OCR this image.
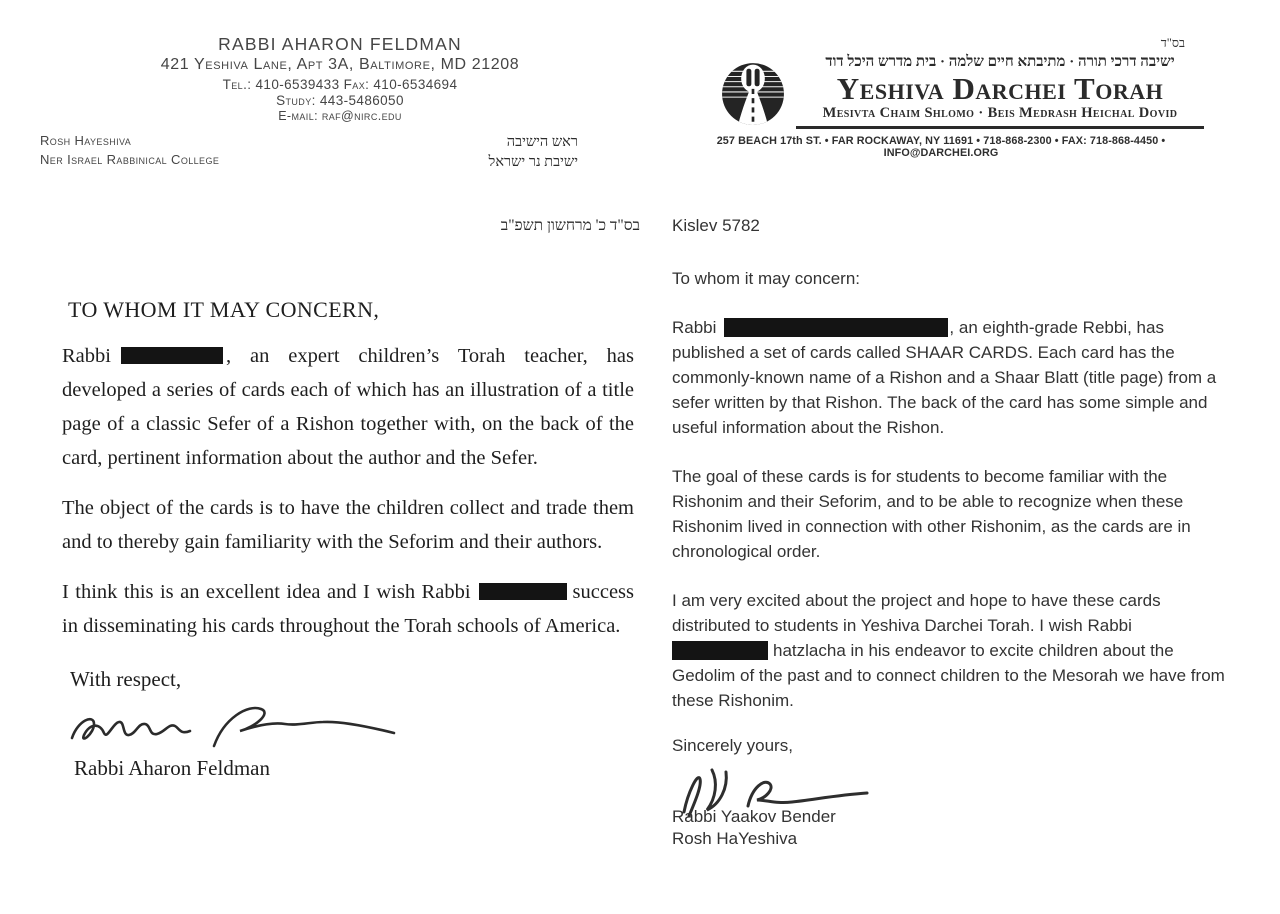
RABBI AHARON FELDMAN
421 Yeshiva Lane, Apt 3A, Baltimore, MD 21208
Tel.: 410-6539433 Fax: 410-6534694
Study: 443-5486050
E-mail: raf@nirc.edu
Rosh Hayeshiva
Ner Israel Rabbinical College
ראש הישיבה
ישיבת נר ישראל
בס"ד כ' מרחשון תשפ"ב
TO WHOM IT MAY CONCERN,

Rabbi	, an expert children’s Torah teacher, has developed a series of cards each of which has an illustration of a title page of a classic Sefer of a Rishon together with, on the back of the card, pertinent information about the author and the Sefer.

The object of the cards is to have the children collect and trade them and to thereby gain familiarity with the Seforim and their authors.

I think this is an excellent idea and I wish Rabbi	success in disseminating his cards throughout the Torah schools of America.

With respect,
Rabbi Aharon Feldman
בס"ד
ישיבה דרכי תורה · מתיבתא חיים שלמה · בית מדרש היכל דוד
Yeshiva Darchei Torah
Mesivta Chaim Shlomo · Beis Medrash Heichal Dovid
257 BEACH 17th ST. • FAR ROCKAWAY, NY 11691 • 718-868-2300 • FAX: 718-868-4450 • INFO@DARCHEI.ORG
Kislev 5782
To whom it may concern:

Rabbi	, an eighth-grade Rebbi, has published a set of cards called SHAAR CARDS. Each card has the commonly-known name of a Rishon and a Shaar Blatt (title page) from a sefer written by that Rishon. The back of the card has some simple and useful information about the Rishon.

The goal of these cards is for students to become familiar with the Rishonim and their Seforim, and to be able to recognize when these Rishonim lived in connection with other Rishonim, as the cards are in chronological order.

I am very excited about the project and hope to have these cards distributed to students in Yeshiva Darchei Torah. I wish Rabbi hatzlacha in his endeavor to excite children about the Gedolim of the past and to connect children to the Mesorah we have from these Rishonim.

Sincerely yours,
Rabbi Yaakov Bender
Rosh HaYeshiva
